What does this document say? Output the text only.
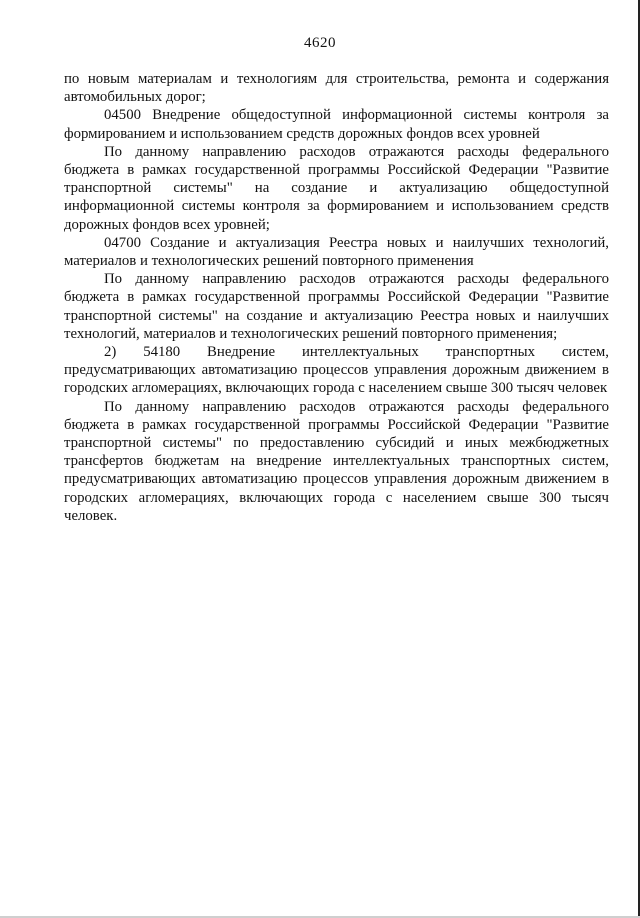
4620

по новым материалам и технологиям для строительства, ремонта и содержания автомобильных дорог;

04500 Внедрение общедоступной информационной системы контроля за формированием и использованием средств дорожных фондов всех уровней

По данному направлению расходов отражаются расходы федерального бюджета в рамках государственной программы Российской Федерации "Развитие транспортной системы" на создание и актуализацию общедоступной информационной системы контроля за формированием и использованием средств дорожных фондов всех уровней;

04700 Создание и актуализация Реестра новых и наилучших технологий, материалов и технологических решений повторного применения

По данному направлению расходов отражаются расходы федерального бюджета в рамках государственной программы Российской Федерации "Развитие транспортной системы" на создание и актуализацию Реестра новых и наилучших технологий, материалов и технологических решений повторного применения;

2) 54180 Внедрение интеллектуальных транспортных систем, предусматривающих автоматизацию процессов управления дорожным движением в городских агломерациях, включающих города с населением свыше 300 тысяч человек

По данному направлению расходов отражаются расходы федерального бюджета в рамках государственной программы Российской Федерации "Развитие транспортной системы" по предоставлению субсидий и иных межбюджетных трансфертов бюджетам на внедрение интеллектуальных транспортных систем, предусматривающих автоматизацию процессов управления дорожным движением в городских агломерациях, включающих города с населением свыше 300 тысяч человек.
